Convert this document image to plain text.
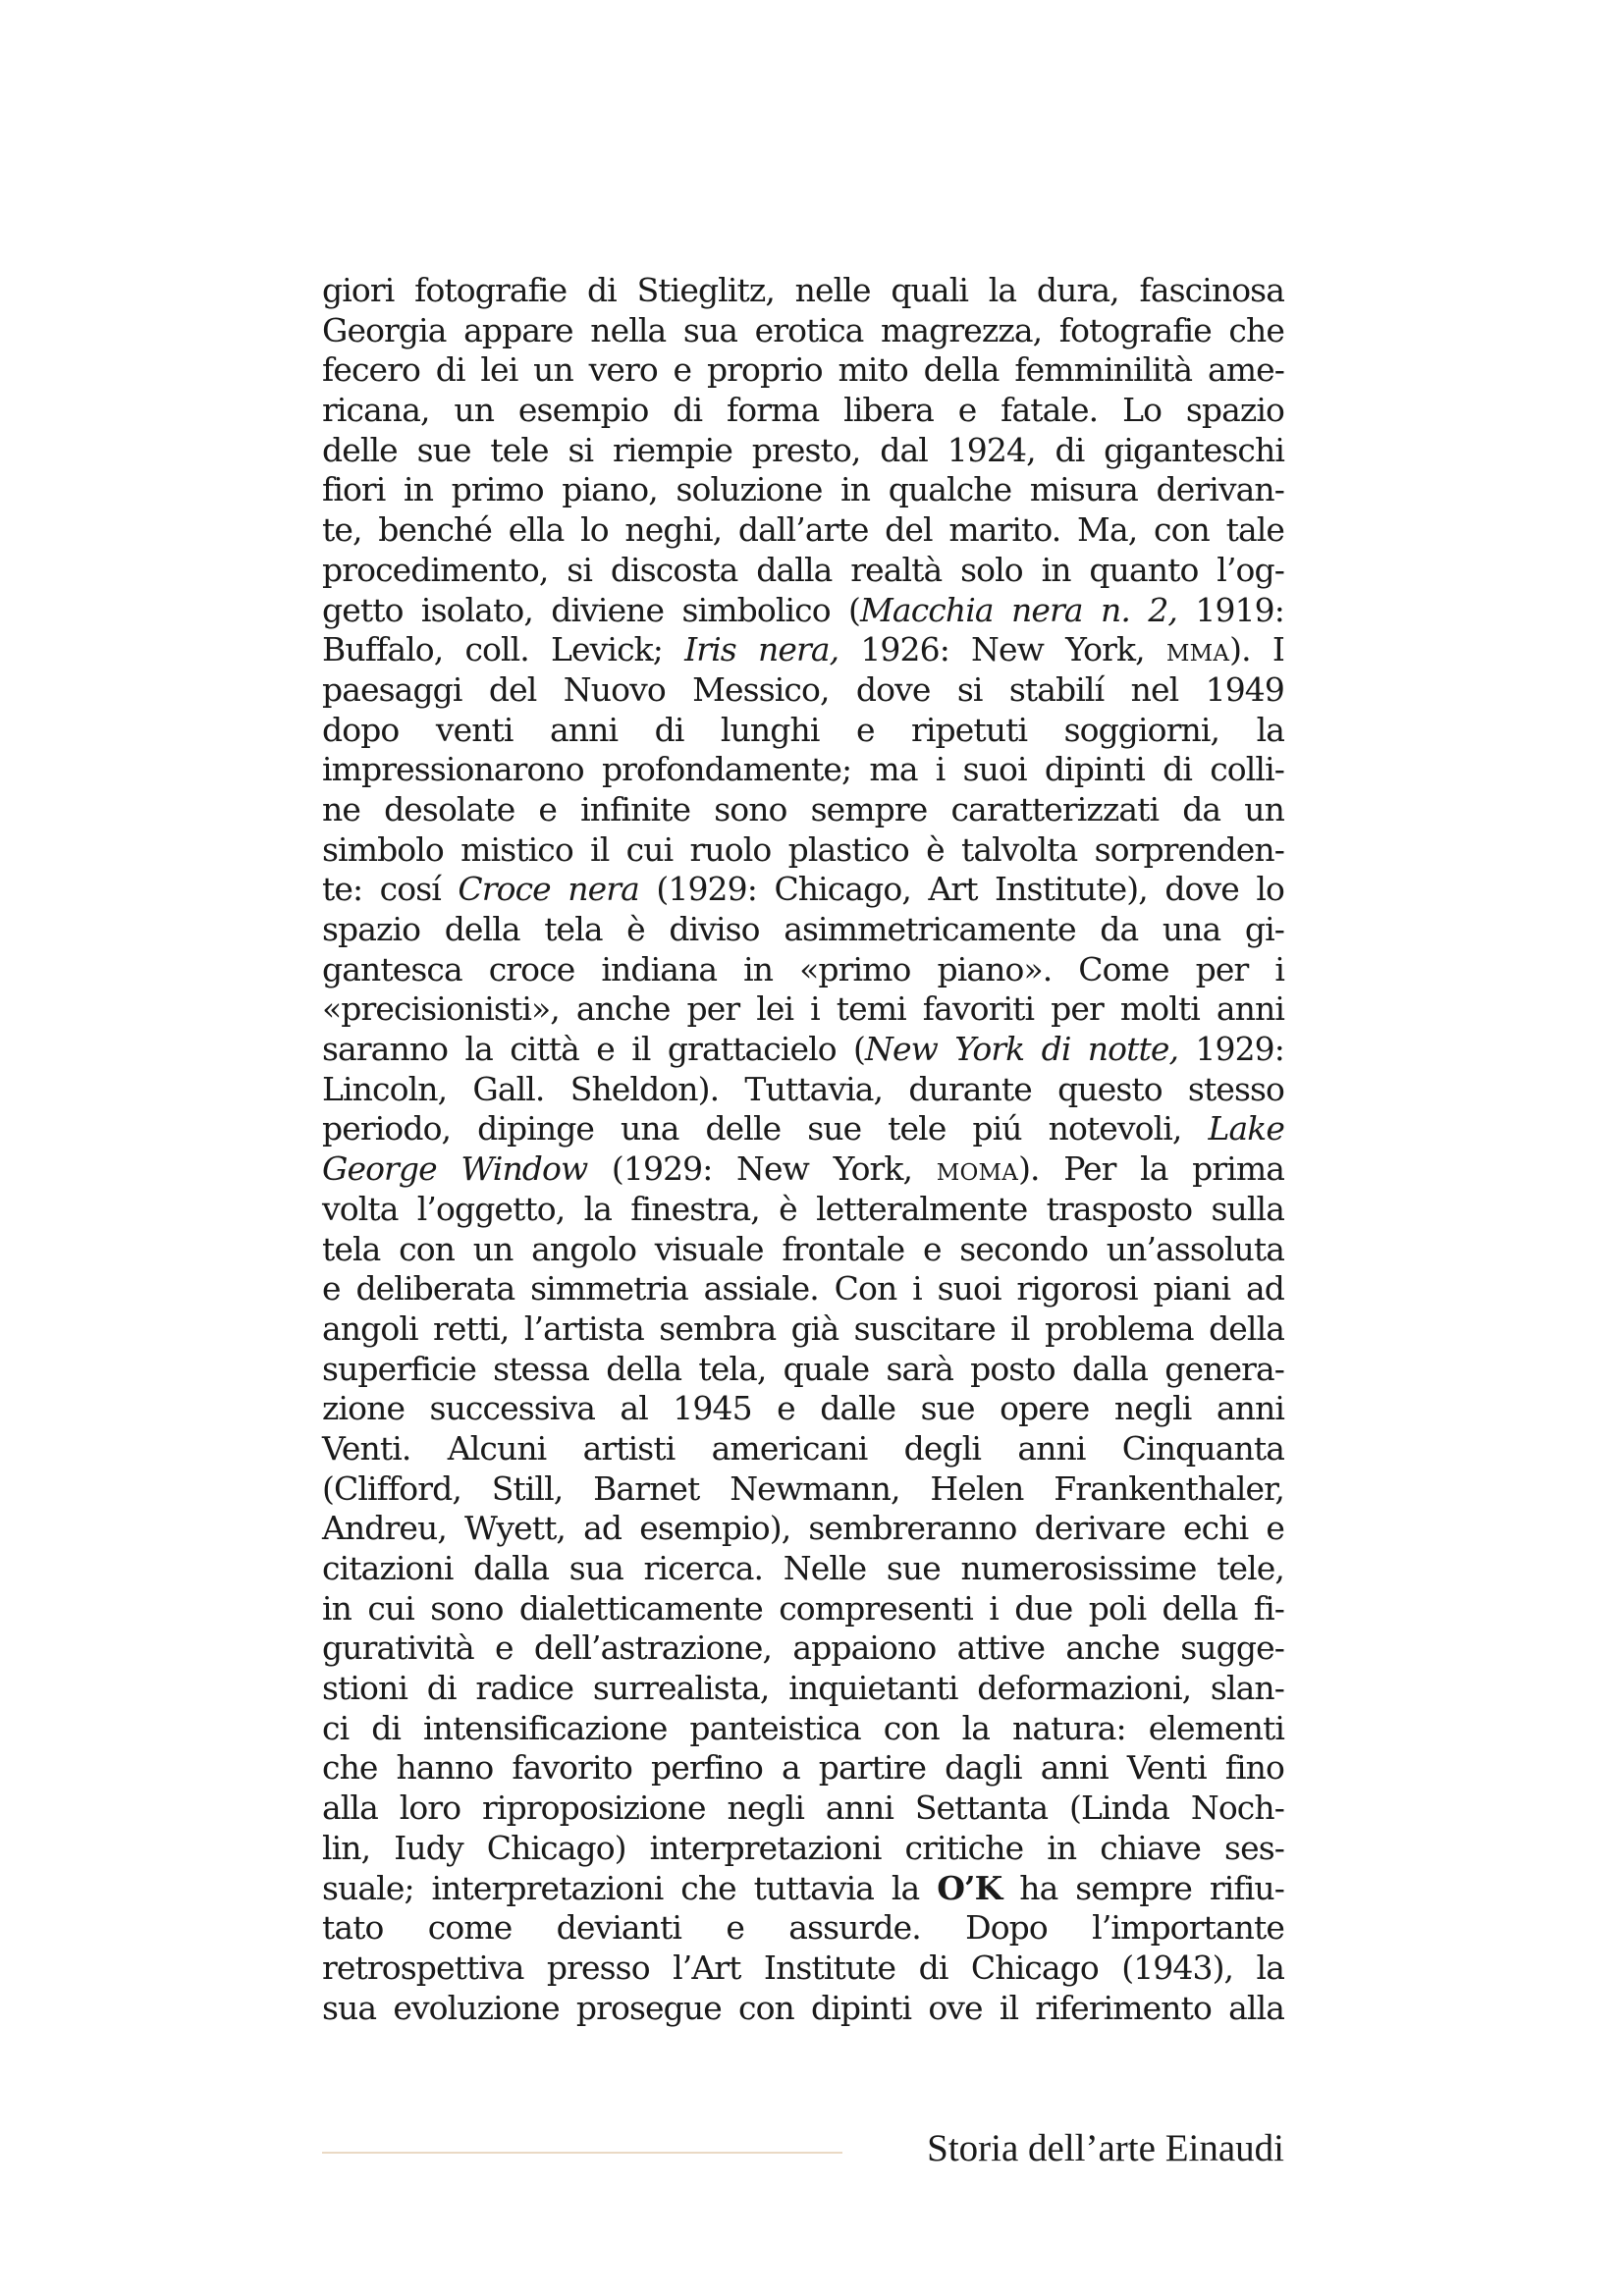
giori fotografie di Stieglitz, nelle quali la dura, fascinosa
Georgia appare nella sua erotica magrezza, fotografie che
fecero di lei un vero e proprio mito della femminilità ame-
ricana, un esempio di forma libera e fatale. Lo spazio
delle sue tele si riempie presto, dal 1924, di giganteschi
fiori in primo piano, soluzione in qualche misura derivan-
te, benché ella lo neghi, dall’arte del marito. Ma, con tale
procedimento, si discosta dalla realtà solo in quanto l’og-
getto isolato, diviene simbolico (Macchia nera n. 2, 1919:
Buffalo, coll. Levick; Iris nera, 1926: New York, mma). I
paesaggi del Nuovo Messico, dove si stabilí nel 1949
dopo venti anni di lunghi e ripetuti soggiorni, la
impressionarono profondamente; ma i suoi dipinti di colli-
ne desolate e infinite sono sempre caratterizzati da un
simbolo mistico il cui ruolo plastico è talvolta sorprenden-
te: cosí Croce nera (1929: Chicago, Art Institute), dove lo
spazio della tela è diviso asimmetricamente da una gi-
gantesca croce indiana in «primo piano». Come per i
«precisionisti», anche per lei i temi favoriti per molti anni
saranno la città e il grattacielo (New York di notte, 1929:
Lincoln, Gall. Sheldon). Tuttavia, durante questo stesso
periodo, dipinge una delle sue tele piú notevoli, Lake
George Window (1929: New York, moma). Per la prima
volta l’oggetto, la finestra, è letteralmente trasposto sulla
tela con un angolo visuale frontale e secondo un’assoluta
e deliberata simmetria assiale. Con i suoi rigorosi piani ad
angoli retti, l’artista sembra già suscitare il problema della
superficie stessa della tela, quale sarà posto dalla genera-
zione successiva al 1945 e dalle sue opere negli anni
Venti. Alcuni artisti americani degli anni Cinquanta
(Clifford, Still, Barnet Newmann, Helen Frankenthaler,
Andreu, Wyett, ad esempio), sembreranno derivare echi e
citazioni dalla sua ricerca. Nelle sue numerosissime tele,
in cui sono dialetticamente compresenti i due poli della fi-
guratività e dell’astrazione, appaiono attive anche sugge-
stioni di radice surrealista, inquietanti deformazioni, slan-
ci di intensificazione panteistica con la natura: elementi
che hanno favorito perfino a partire dagli anni Venti fino
alla loro riproposizione negli anni Settanta (Linda Noch-
lin, Iudy Chicago) interpretazioni critiche in chiave ses-
suale; interpretazioni che tuttavia la O’K ha sempre rifiu-
tato come devianti e assurde. Dopo l’importante
retrospettiva presso l’Art Institute di Chicago (1943), la
sua evoluzione prosegue con dipinti ove il riferimento alla
Storia dell’arte Einaudi
